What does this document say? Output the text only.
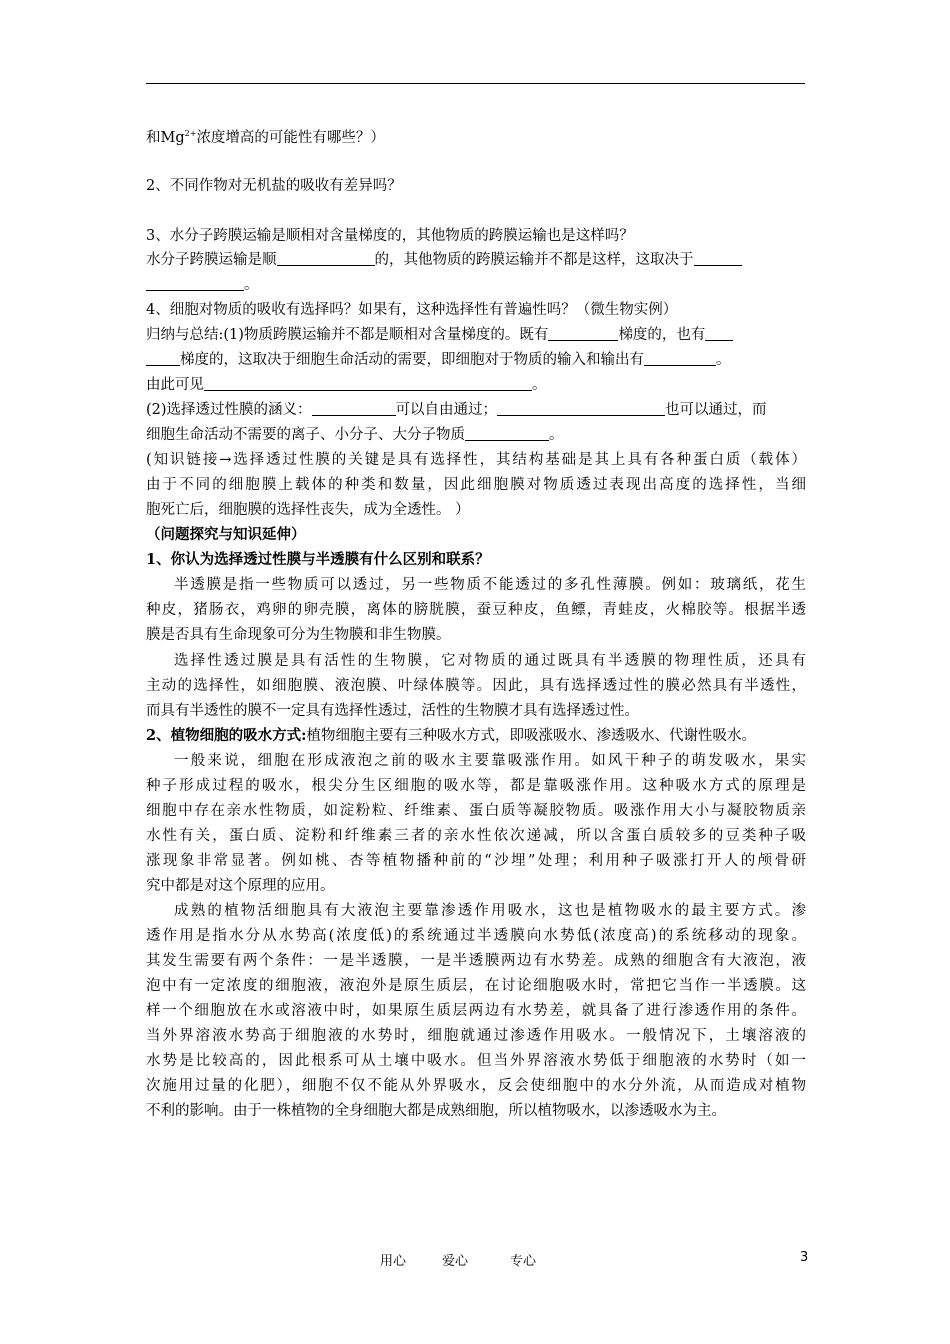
和$Mg^{2+}$浓度增高的可能性有哪些？）
2、不同作物对无机盐的吸收有差异吗？
3、水分子跨膜运输是顺相对含量梯度的，其他物质的跨膜运输也是这样吗？
水分子跨膜运输是顺	的，其他物质的跨膜运输并不都是这样，这取决于
。
4、细胞对物质的吸收有选择吗？如果有，这种选择性有普遍性吗？（微生物实例）
归纳与总结:(1)物质跨膜运输并不都是顺相对含量梯度的。既有	梯度的，也有
梯度的，这取决于细胞生命活动的需要，即细胞对于物质的输入和输出有	。
由此可见	。
(2)选择透过性膜的涵义：	可以自由通过；	也可以通过，而
细胞生命活动不需要的离子、小分子、大分子物质	。
(知识链接→选择透过性膜的关键是具有选择性，其结构基础是其上具有各种蛋白质（载体）
由于不同的细胞膜上载体的种类和数量，因此细胞膜对物质透过表现出高度的选择性，当细
胞死亡后，细胞膜的选择性丧失，成为全透性。 ）
（问题探究与知识延伸）
1、你认为选择透过性膜与半透膜有什么区别和联系？
半透膜是指一些物质可以透过，另一些物质不能透过的多孔性薄膜。例如：玻璃纸，花生
种皮，猪肠衣，鸡卵的卵壳膜，离体的膀胱膜，蚕豆种皮，鱼鳔，青蛙皮，火棉胶等。根据半透
膜是否具有生命现象可分为生物膜和非生物膜。
选择性透过膜是具有活性的生物膜，它对物质的通过既具有半透膜的物理性质，还具有
主动的选择性，如细胞膜、液泡膜、叶绿体膜等。因此，具有选择透过性的膜必然具有半透性，
而具有半透性的膜不一定具有选择性透过，活性的生物膜才具有选择透过性。
2、植物细胞的吸水方式:植物细胞主要有三种吸水方式，即吸涨吸水、渗透吸水、代谢性吸水。
一般来说，细胞在形成液泡之前的吸水主要靠吸涨作用。如风干种子的萌发吸水，果实
种子形成过程的吸水，根尖分生区细胞的吸水等，都是靠吸涨作用。这种吸水方式的原理是
细胞中存在亲水性物质，如淀粉粒、纤维素、蛋白质等凝胶物质。吸涨作用大小与凝胶物质亲
水性有关，蛋白质、淀粉和纤维素三者的亲水性依次递减，所以含蛋白质较多的豆类种子吸
涨现象非常显著。例如桃、杏等植物播种前的“沙埋”处理；利用种子吸涨打开人的颅骨研
究中都是对这个原理的应用。
成熟的植物活细胞具有大液泡主要靠渗透作用吸水，这也是植物吸水的最主要方式。渗
透作用是指水分从水势高(浓度低)的系统通过半透膜向水势低(浓度高)的系统移动的现象。
其发生需要有两个条件：一是半透膜，一是半透膜两边有水势差。成熟的细胞含有大液泡，液
泡中有一定浓度的细胞液，液泡外是原生质层，在讨论细胞吸水时，常把它当作一半透膜。这
样一个细胞放在水或溶液中时，如果原生质层两边有水势差，就具备了进行渗透作用的条件。
当外界溶液水势高于细胞液的水势时，细胞就通过渗透作用吸水。一般情况下，土壤溶液的
水势是比较高的，因此根系可从土壤中吸水。但当外界溶液水势低于细胞液的水势时（如一
次施用过量的化肥），细胞不仅不能从外界吸水，反会使细胞中的水分外流，从而造成对植物
不利的影响。由于一株植物的全身细胞大都是成熟细胞，所以植物吸水，以渗透吸水为主。
用心	爱心	专心	3
